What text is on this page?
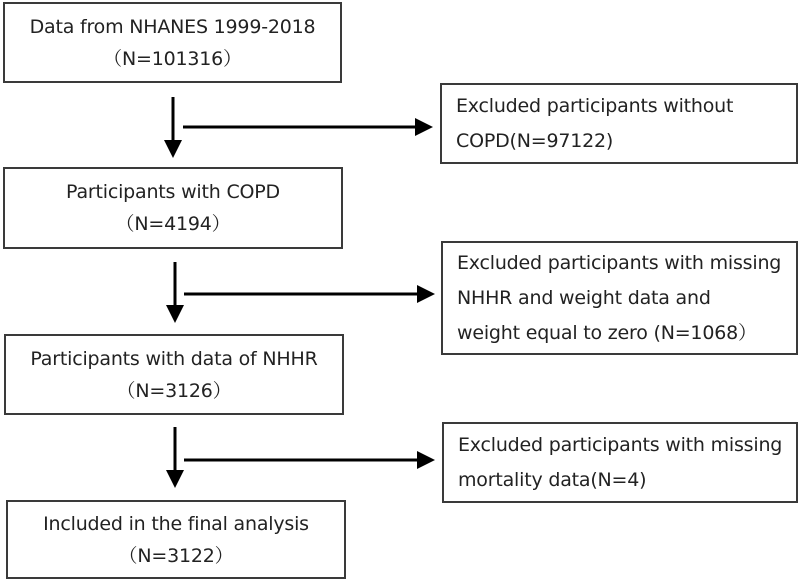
Data from NHANES 1999-2018
（N=101316）
Participants with COPD
（N=4194）
Participants with data of NHHR
（N=3126）
Included in the final analysis
（N=3122）
Excluded participants without
COPD(N=97122)
Excluded participants with missing
NHHR and weight data and
weight equal to zero (N=1068）
Excluded participants with missing
mortality data(N=4)
